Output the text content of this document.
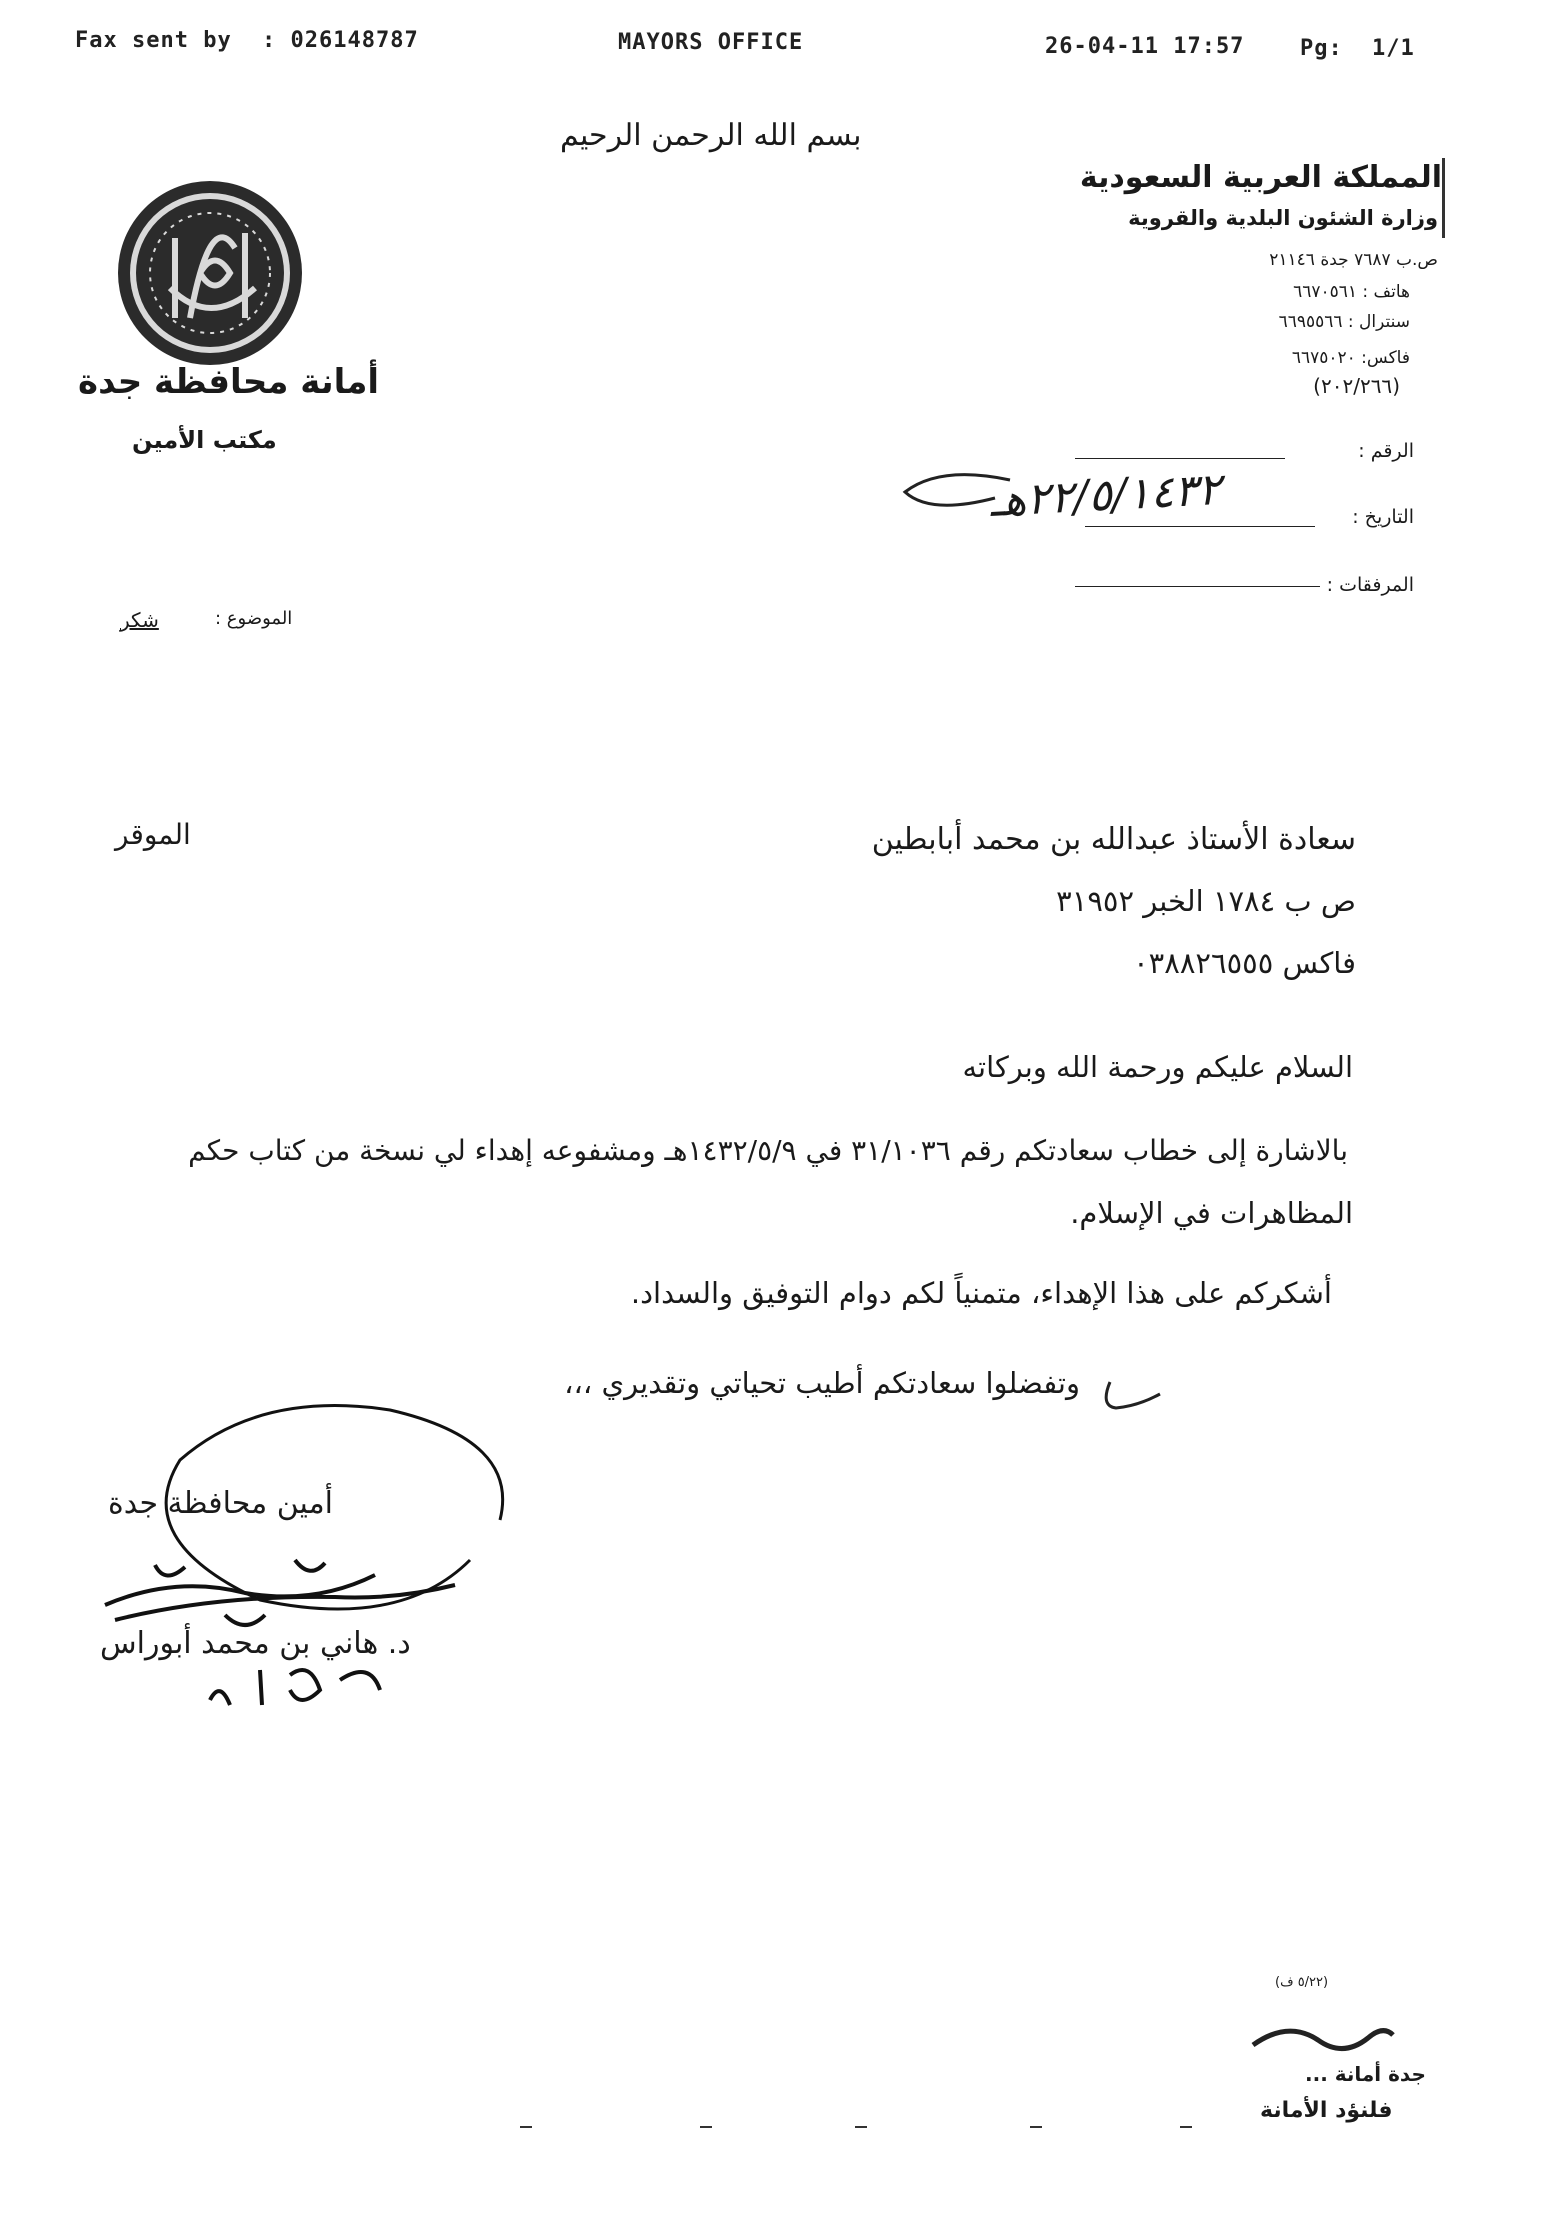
Fax sent by : 026148787	MAYORS OFFICE	26-04-11 17:57	Pg: 1/1
بسم الله الرحمن الرحيم
المملكة العربية السعودية
وزارة الشئون البلدية والقروية
ص.ب ٧٦٨٧ جدة ٢١١٤٦
هاتف : ٦٦٧٠٥٦١
سنترال : ٦٦٩٥٥٦٦
فاكس: ٦٦٧٥٠٢٠
(٢٠٢/٢٦٦)
أمانة محافظة جدة
مكتب الأمين	الرقم :
التاريخ :
٢٢/٥/١٤٣٢هـ
المرفقات :
الموضوع :
شكر
سعادة الأستاذ عبدالله بن محمد أبابطين
الموقر
ص ب ١٧٨٤ الخبر ٣١٩٥٢
فاكس ٠٣٨٨٢٦٥٥٥
السلام عليكم ورحمة الله وبركاته
بالاشارة إلى خطاب سعادتكم رقم ٣١/١٠٣٦ في ١٤٣٢/٥/٩هـ ومشفوعه إهداء لي نسخة من كتاب حكم
المظاهرات في الإسلام.
أشكركم على هذا الإهداء، متمنياً لكم دوام التوفيق والسداد.
وتفضلوا سعادتكم أطيب تحياتي وتقديري ،،،
أمين محافظة جدة
د. هاني بن محمد أبوراس
(٥/٢٢ ف)
جدة أمانة ...
فلنؤد الأمانة
